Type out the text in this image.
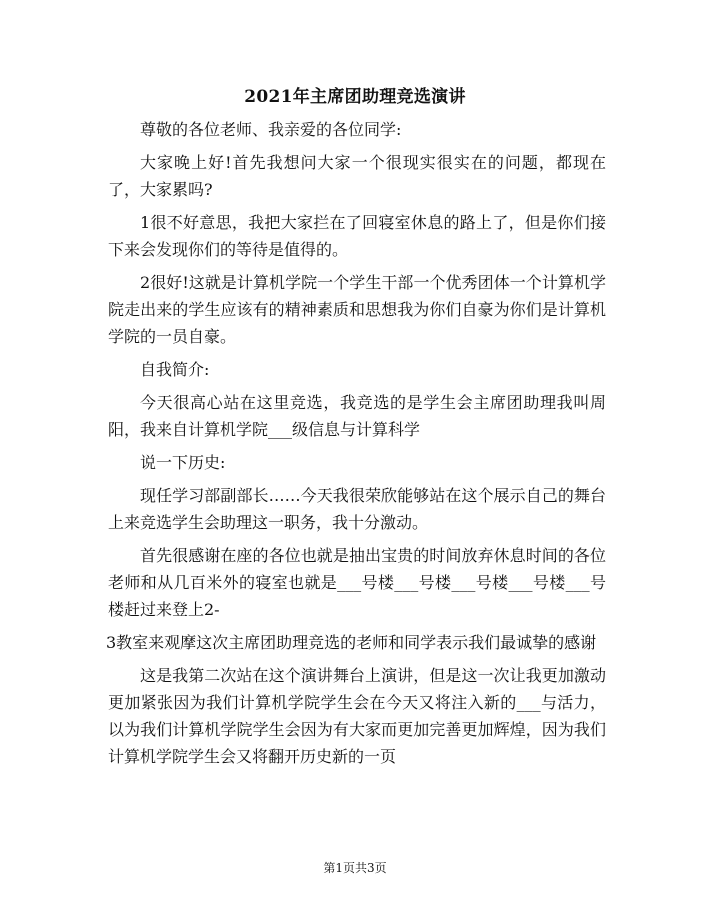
2021年主席团助理竞选演讲

尊敬的各位老师、我亲爱的各位同学:

大家晚上好!首先我想问大家一个很现实很实在的问题，都现在了，大家累吗?

1很不好意思，我把大家拦在了回寝室休息的路上了，但是你们接下来会发现你们的等待是值得的。

2很好!这就是计算机学院一个学生干部一个优秀团体一个计算机学院走出来的学生应该有的精神素质和思想我为你们自豪为你们是计算机学院的一员自豪。

自我简介:

今天很高心站在这里竞选，我竞选的是学生会主席团助理我叫周阳，我来自计算机学院___级信息与计算科学

说一下历史:

现任学习部副部长……今天我很荣欣能够站在这个展示自己的舞台上来竞选学生会助理这一职务，我十分激动。

首先很感谢在座的各位也就是抽出宝贵的时间放弃休息时间的各位老师和从几百米外的寝室也就是___号楼___号楼___号楼___号楼___号楼赶过来登上2-

3教室来观摩这次主席团助理竞选的老师和同学表示我们最诚挚的感谢

这是我第二次站在这个演讲舞台上演讲，但是这一次让我更加激动更加紧张因为我们计算机学院学生会在今天又将注入新的___与活力，以为我们计算机学院学生会因为有大家而更加完善更加辉煌，因为我们计算机学院学生会又将翻开历史新的一页

第1页共3页
